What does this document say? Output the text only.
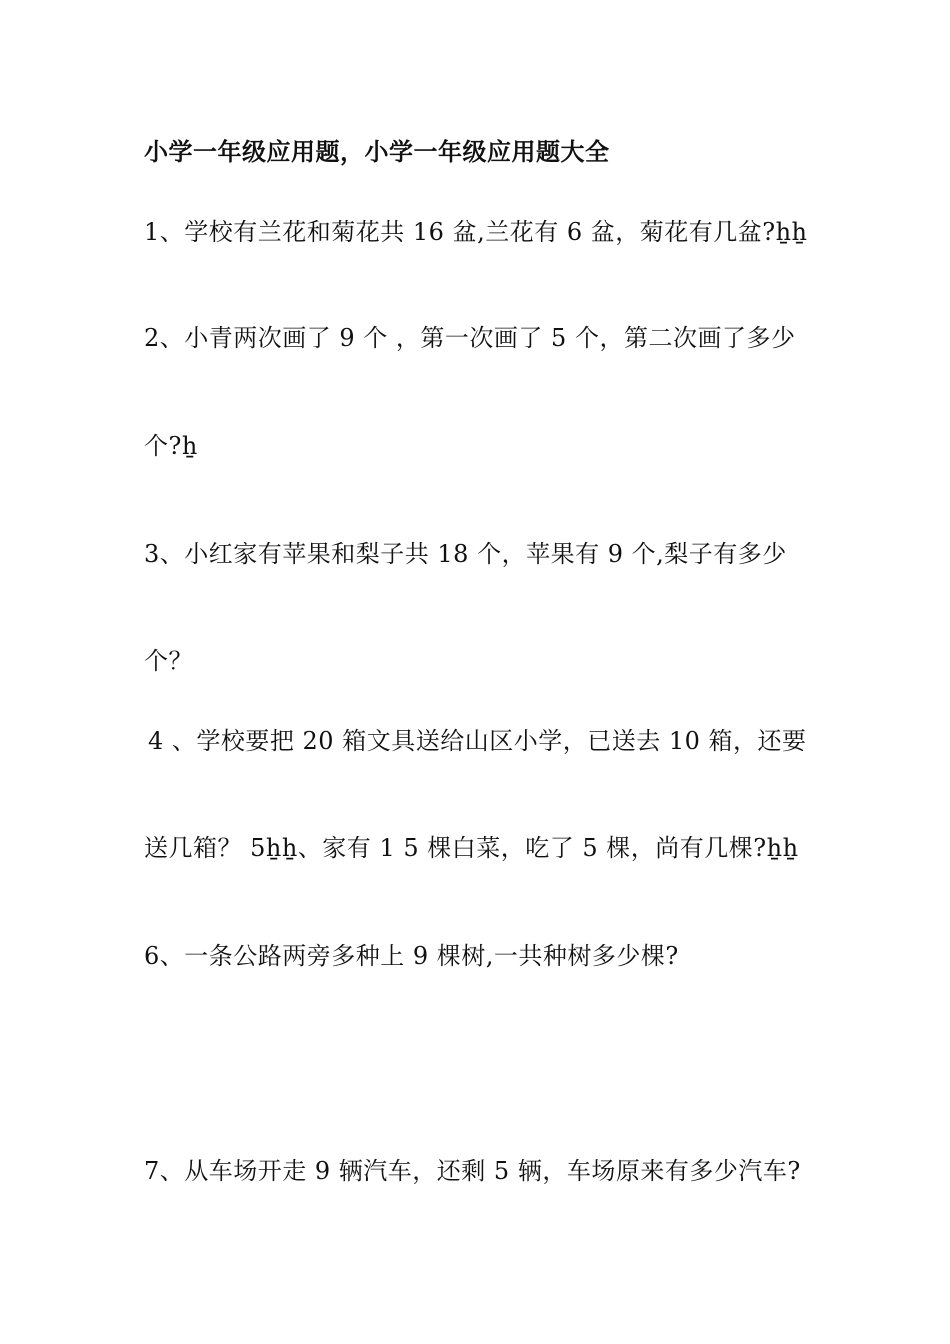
小学一年级应用题，小学一年级应用题大全
1、学校有兰花和菊花共 16 盆,兰花有 6 盆，菊花有几盆?ẖẖ
2、小青两次画了 9 个 ，第一次画了 5 个，第二次画了多少
个?ẖ
3、小红家有苹果和梨子共 18 个，苹果有 9 个,梨子有多少
个？
4 、学校要把 20 箱文具送给山区小学，已送去 10 箱，还要
送几箱？ 5ẖẖ、家有 1 5 棵白菜，吃了 5 棵，尚有几棵?ẖẖ
6、一条公路两旁多种上 9 棵树,一共种树多少棵?
7、从车场开走 9 辆汽车，还剩 5 辆，车场原来有多少汽车?
